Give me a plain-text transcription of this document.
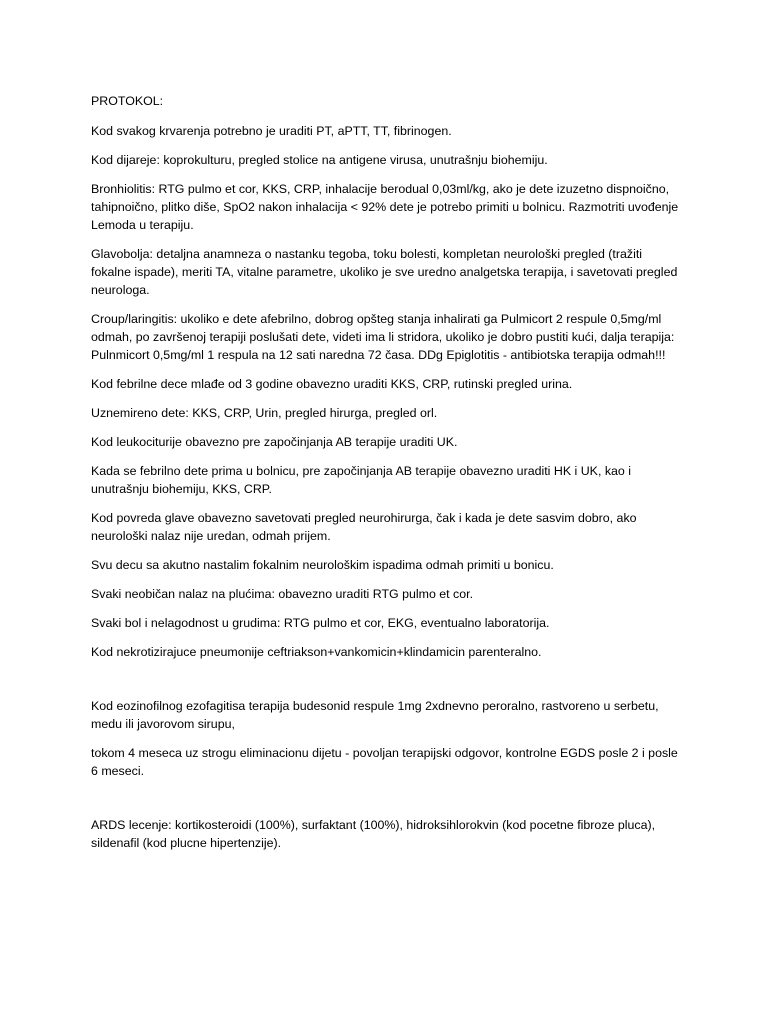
PROTOKOL:

Kod svakog krvarenja potrebno je uraditi PT, aPTT, TT, fibrinogen.

Kod dijareje: koprokulturu, pregled stolice na antigene virusa, unutrašnju biohemiju.

Bronhiolitis: RTG pulmo et cor, KKS, CRP, inhalacije berodual 0,03ml/kg, ako je dete izuzetno dispnoično, tahipnoično, plitko diše, SpO2 nakon inhalacija < 92% dete je potrebo primiti u bolnicu. Razmotriti uvođenje Lemoda u terapiju.

Glavobolja: detaljna anamneza o nastanku tegoba, toku bolesti, kompletan neurološki pregled (tražiti fokalne ispade), meriti TA, vitalne parametre, ukoliko je sve uredno analgetska terapija, i savetovati pregled neurologa.

Croup/laringitis: ukoliko e dete afebrilno, dobrog opšteg stanja inhalirati ga Pulmicort 2 respule 0,5mg/ml odmah, po završenoj terapiji poslušati dete, videti ima li stridora, ukoliko je dobro pustiti kući, dalja terapija: Pulnmicort 0,5mg/ml 1 respula na 12 sati naredna 72 časa. DDg Epiglotitis - antibiotska terapija odmah!!!

Kod febrilne dece mlađe od 3 godine obavezno uraditi KKS, CRP, rutinski pregled urina.

Uznemireno dete: KKS, CRP, Urin, pregled hirurga, pregled orl.

Kod leukociturije obavezno pre započinjanja AB terapije uraditi UK.

Kada se febrilno dete prima u bolnicu, pre započinjanja AB terapije obavezno uraditi HK i UK, kao i unutrašnju biohemiju, KKS, CRP.

Kod povreda glave obavezno savetovati pregled neurohirurga, čak i kada je dete sasvim dobro, ako neurološki nalaz nije uredan, odmah prijem.

Svu decu sa akutno nastalim fokalnim neurološkim ispadima odmah primiti u bonicu.

Svaki neobičan nalaz na plućima: obavezno uraditi RTG pulmo et cor.

Svaki bol i nelagodnost u grudima: RTG pulmo et cor, EKG, eventualno laboratorija.

Kod nekrotizirajuce pneumonije ceftriakson+vankomicin+klindamicin parenteralno.

Kod eozinofilnog ezofagitisa terapija budesonid respule 1mg 2xdnevno peroralno, rastvoreno u serbetu, medu ili javorovom sirupu,

tokom 4 meseca uz strogu eliminacionu dijetu - povoljan terapijski odgovor, kontrolne EGDS posle 2 i posle 6 meseci.

ARDS lecenje: kortikosteroidi (100%), surfaktant (100%), hidroksihlorokvin (kod pocetne fibroze pluca), sildenafil (kod plucne hipertenzije).
